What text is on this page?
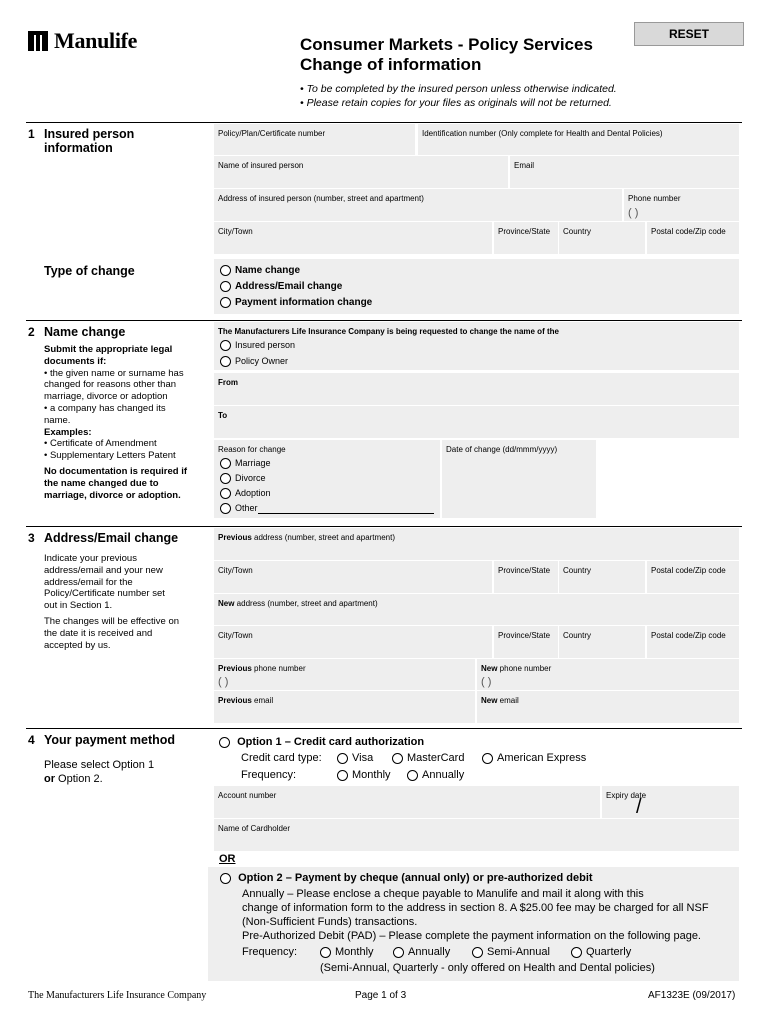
Manulife	Consumer Markets - Policy Services
Change of information
RESET
• To be completed by the insured person unless otherwise indicated.
• Please retain copies for your files as originals will not be returned.
1 Insured person
information
Policy/Plan/Certificate number	Identification number (Only complete for Health and Dental Policies)
Name of insured person	Email
Address of insured person (number, street and apartment)	Phone number
( )
City/Town	Province/State Country	Postal code/Zip code
Type of change	Name change
Address/Email change
Payment information change
2 Name change
Submit the appropriate legal documents if:
• the given name or surname has
changed for reasons other than
marriage, divorce or adoption
• a company has changed its
name.
Examples:
• Certificate of Amendment
• Supplementary Letters Patent
No documentation is required if
the name changed due to
marriage, divorce or adoption.
The Manufacturers Life Insurance Company is being requested to change the name of the
Insured person
Policy Owner
From
To
Reason for change
Marriage
Divorce
Adoption
Other
Date of change (dd/mmm/yyyy)
3 Address/Email change
Indicate your previous
address/email and your new
address/email for the
Policy/Certificate number set
out in Section 1.
The changes will be effective on
the date it is received and
accepted by us.
Previous address (number, street and apartment)
City/Town	Province/State Country	Postal code/Zip code
New address (number, street and apartment)
City/Town	Province/State Country	Postal code/Zip code
Previous phone number
( )
New phone number
( )
Previous email	New email
4 Your payment method
Please select Option 1
or Option 2.
Option 1 – Credit card authorization
Credit card type:	Visa	MasterCard	American Express
Frequency:	Monthly	Annually
Account number	Expiry date
/
Name of Cardholder
OR
Option 2 – Payment by cheque (annual only) or pre-authorized debit
Annually – Please enclose a cheque payable to Manulife and mail it along with this
change of information form to the address in section 8. A $25.00 fee may be charged for all NSF
(Non-Sufficient Funds) transactions.
Pre-Authorized Debit (PAD) – Please complete the payment information on the following page.
Frequency:	Monthly	Annually	Semi-Annual	Quarterly
(Semi-Annual, Quarterly - only offered on Health and Dental policies)
The Manufacturers Life Insurance Company	Page 1 of 3	AF1323E (09/2017)
